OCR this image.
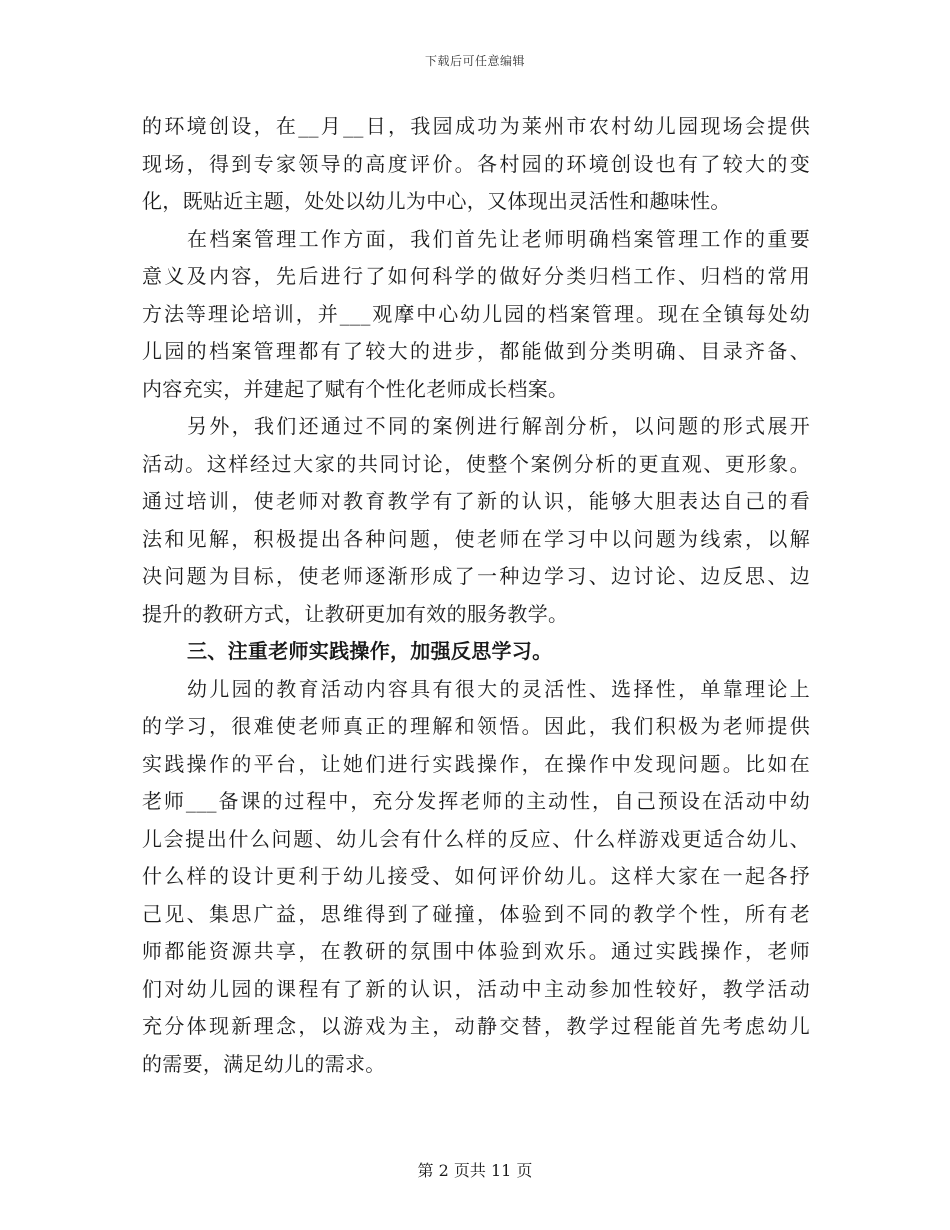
下载后可任意编辑
的环境创设，在__月__日，我园成功为莱州市农村幼儿园现场会提供
现场，得到专家领导的高度评价。各村园的环境创设也有了较大的变
化，既贴近主题，处处以幼儿为中心，又体现出灵活性和趣味性。
在档案管理工作方面，我们首先让老师明确档案管理工作的重要
意义及内容，先后进行了如何科学的做好分类归档工作、归档的常用
方法等理论培训，并___观摩中心幼儿园的档案管理。现在全镇每处幼
儿园的档案管理都有了较大的进步，都能做到分类明确、目录齐备、
内容充实，并建起了赋有个性化老师成长档案。
另外，我们还通过不同的案例进行解剖分析，以问题的形式展开
活动。这样经过大家的共同讨论，使整个案例分析的更直观、更形象。
通过培训，使老师对教育教学有了新的认识，能够大胆表达自己的看
法和见解，积极提出各种问题，使老师在学习中以问题为线索，以解
决问题为目标，使老师逐渐形成了一种边学习、边讨论、边反思、边
提升的教研方式，让教研更加有效的服务教学。
三、注重老师实践操作，加强反思学习。
幼儿园的教育活动内容具有很大的灵活性、选择性，单靠理论上
的学习，很难使老师真正的理解和领悟。因此，我们积极为老师提供
实践操作的平台，让她们进行实践操作，在操作中发现问题。比如在
老师___备课的过程中，充分发挥老师的主动性，自己预设在活动中幼
儿会提出什么问题、幼儿会有什么样的反应、什么样游戏更适合幼儿、
什么样的设计更利于幼儿接受、如何评价幼儿。这样大家在一起各抒
己见、集思广益，思维得到了碰撞，体验到不同的教学个性，所有老
师都能资源共享，在教研的氛围中体验到欢乐。通过实践操作，老师
们对幼儿园的课程有了新的认识，活动中主动参加性较好，教学活动
充分体现新理念，以游戏为主，动静交替，教学过程能首先考虑幼儿
的需要，满足幼儿的需求。
第 2 页共 11 页
